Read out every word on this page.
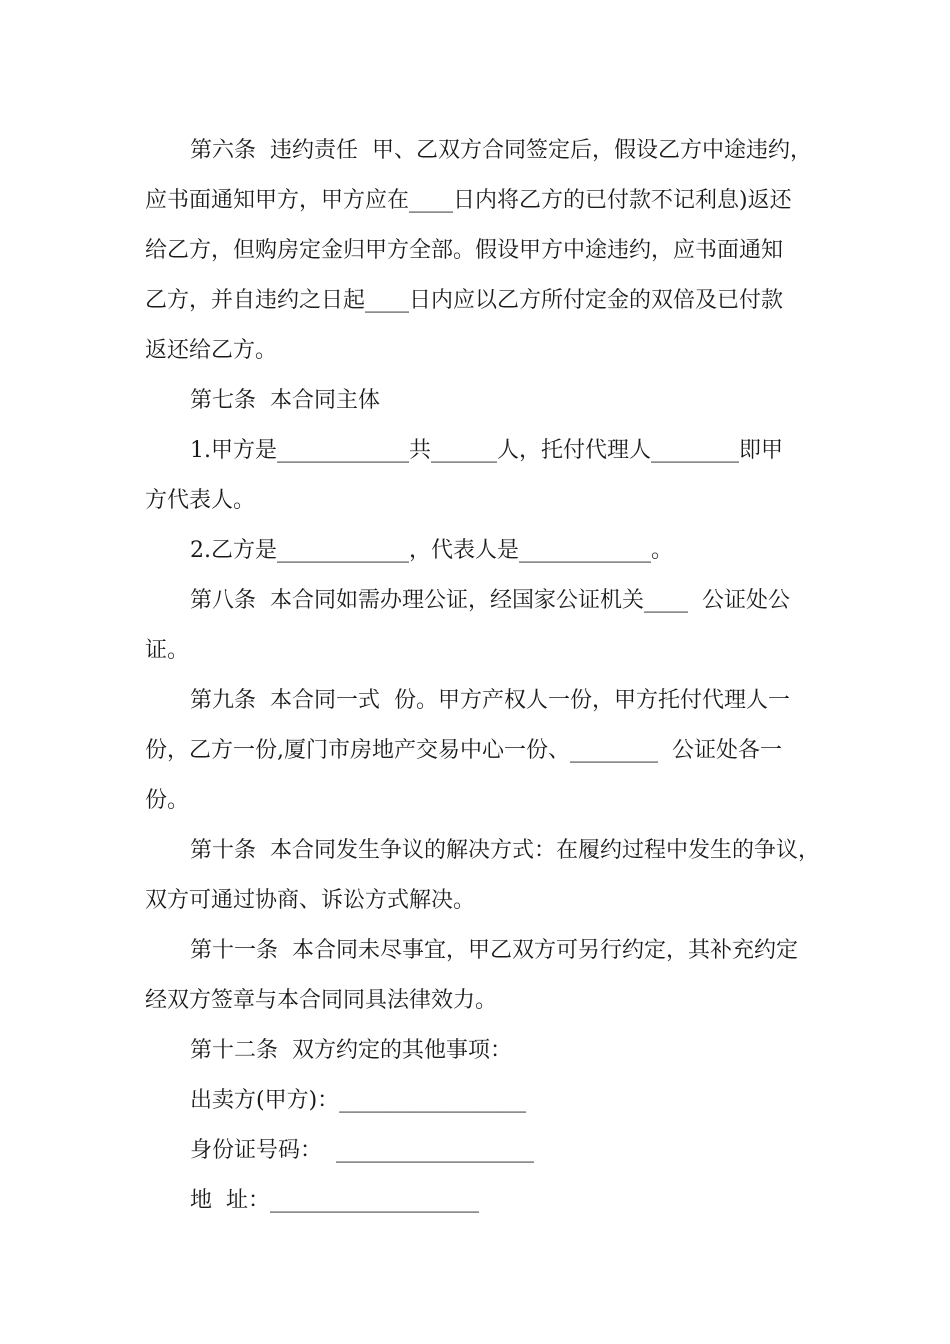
第六条  违约责任  甲、乙双方合同签定后，假设乙方中途违约，
应书面通知甲方，甲方应在____日内将乙方的已付款不记利息)返还
给乙方，但购房定金归甲方全部。假设甲方中途违约，应书面通知
乙方，并自违约之日起____日内应以乙方所付定金的双倍及已付款
返还给乙方。
第七条  本合同主体
1.甲方是____________共______人，托付代理人________即甲
方代表人。
2.乙方是____________，代表人是____________。
第八条  本合同如需办理公证，经国家公证机关____  公证处公
证。
第九条  本合同一式  份。甲方产权人一份，甲方托付代理人一
份，乙方一份,厦门市房地产交易中心一份、________  公证处各一
份。
第十条  本合同发生争议的解决方式：在履约过程中发生的争议，
双方可通过协商、诉讼方式解决。
第十一条  本合同未尽事宜，甲乙双方可另行约定，其补充约定
经双方签章与本合同同具法律效力。
第十二条  双方约定的其他事项：
出卖方(甲方)：_________________
身份证号码：  __________________
地  址：___________________
